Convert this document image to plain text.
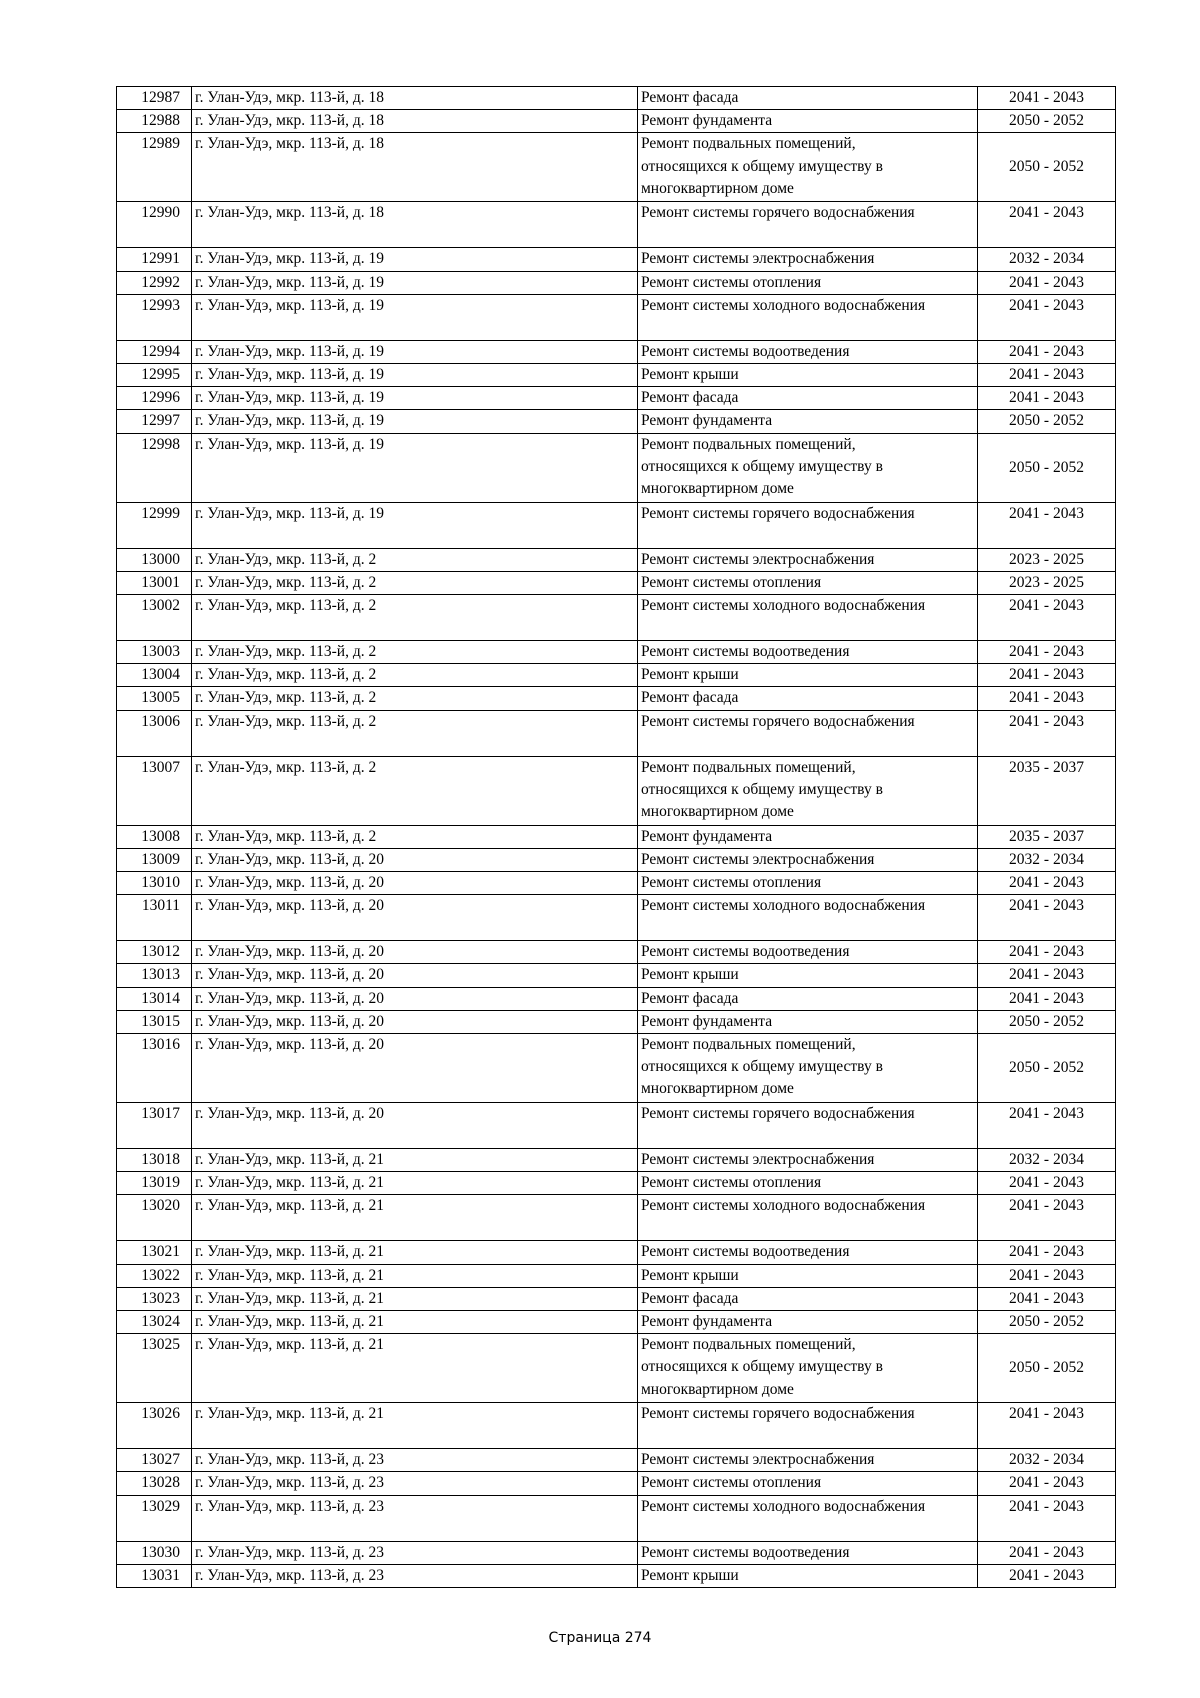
12987	г. Улан-Удэ, мкр. 113-й, д. 18	Ремонт фасада	2041 - 2043
12988	г. Улан-Удэ, мкр. 113-й, д. 18	Ремонт фундамента	2050 - 2052
12989	г. Улан-Удэ, мкр. 113-й, д. 18	Ремонт подвальных помещений,
относящихся к общему имуществу в
многоквартирном доме	2050 - 2052
12990	г. Улан-Удэ, мкр. 113-й, д. 18	Ремонт системы горячего водоснабжения	2041 - 2043
12991	г. Улан-Удэ, мкр. 113-й, д. 19	Ремонт системы электроснабжения	2032 - 2034
12992	г. Улан-Удэ, мкр. 113-й, д. 19	Ремонт системы отопления	2041 - 2043
12993	г. Улан-Удэ, мкр. 113-й, д. 19	Ремонт системы холодного водоснабжения	2041 - 2043
12994	г. Улан-Удэ, мкр. 113-й, д. 19	Ремонт системы водоотведения	2041 - 2043
12995	г. Улан-Удэ, мкр. 113-й, д. 19	Ремонт крыши	2041 - 2043
12996	г. Улан-Удэ, мкр. 113-й, д. 19	Ремонт фасада	2041 - 2043
12997	г. Улан-Удэ, мкр. 113-й, д. 19	Ремонт фундамента	2050 - 2052
12998	г. Улан-Удэ, мкр. 113-й, д. 19	Ремонт подвальных помещений,
относящихся к общему имуществу в
многоквартирном доме	2050 - 2052
12999	г. Улан-Удэ, мкр. 113-й, д. 19	Ремонт системы горячего водоснабжения	2041 - 2043
13000	г. Улан-Удэ, мкр. 113-й, д. 2	Ремонт системы электроснабжения	2023 - 2025
13001	г. Улан-Удэ, мкр. 113-й, д. 2	Ремонт системы отопления	2023 - 2025
13002	г. Улан-Удэ, мкр. 113-й, д. 2	Ремонт системы холодного водоснабжения	2041 - 2043
13003	г. Улан-Удэ, мкр. 113-й, д. 2	Ремонт системы водоотведения	2041 - 2043
13004	г. Улан-Удэ, мкр. 113-й, д. 2	Ремонт крыши	2041 - 2043
13005	г. Улан-Удэ, мкр. 113-й, д. 2	Ремонт фасада	2041 - 2043
13006	г. Улан-Удэ, мкр. 113-й, д. 2	Ремонт системы горячего водоснабжения	2041 - 2043
13007	г. Улан-Удэ, мкр. 113-й, д. 2	Ремонт подвальных помещений,
относящихся к общему имуществу в
многоквартирном доме	2035 - 2037
13008	г. Улан-Удэ, мкр. 113-й, д. 2	Ремонт фундамента	2035 - 2037
13009	г. Улан-Удэ, мкр. 113-й, д. 20	Ремонт системы электроснабжения	2032 - 2034
13010	г. Улан-Удэ, мкр. 113-й, д. 20	Ремонт системы отопления	2041 - 2043
13011	г. Улан-Удэ, мкр. 113-й, д. 20	Ремонт системы холодного водоснабжения	2041 - 2043
13012	г. Улан-Удэ, мкр. 113-й, д. 20	Ремонт системы водоотведения	2041 - 2043
13013	г. Улан-Удэ, мкр. 113-й, д. 20	Ремонт крыши	2041 - 2043
13014	г. Улан-Удэ, мкр. 113-й, д. 20	Ремонт фасада	2041 - 2043
13015	г. Улан-Удэ, мкр. 113-й, д. 20	Ремонт фундамента	2050 - 2052
13016	г. Улан-Удэ, мкр. 113-й, д. 20	Ремонт подвальных помещений,
относящихся к общему имуществу в
многоквартирном доме	2050 - 2052
13017	г. Улан-Удэ, мкр. 113-й, д. 20	Ремонт системы горячего водоснабжения	2041 - 2043
13018	г. Улан-Удэ, мкр. 113-й, д. 21	Ремонт системы электроснабжения	2032 - 2034
13019	г. Улан-Удэ, мкр. 113-й, д. 21	Ремонт системы отопления	2041 - 2043
13020	г. Улан-Удэ, мкр. 113-й, д. 21	Ремонт системы холодного водоснабжения	2041 - 2043
13021	г. Улан-Удэ, мкр. 113-й, д. 21	Ремонт системы водоотведения	2041 - 2043
13022	г. Улан-Удэ, мкр. 113-й, д. 21	Ремонт крыши	2041 - 2043
13023	г. Улан-Удэ, мкр. 113-й, д. 21	Ремонт фасада	2041 - 2043
13024	г. Улан-Удэ, мкр. 113-й, д. 21	Ремонт фундамента	2050 - 2052
13025	г. Улан-Удэ, мкр. 113-й, д. 21	Ремонт подвальных помещений,
относящихся к общему имуществу в
многоквартирном доме	2050 - 2052
13026	г. Улан-Удэ, мкр. 113-й, д. 21	Ремонт системы горячего водоснабжения	2041 - 2043
13027	г. Улан-Удэ, мкр. 113-й, д. 23	Ремонт системы электроснабжения	2032 - 2034
13028	г. Улан-Удэ, мкр. 113-й, д. 23	Ремонт системы отопления	2041 - 2043
13029	г. Улан-Удэ, мкр. 113-й, д. 23	Ремонт системы холодного водоснабжения	2041 - 2043
13030	г. Улан-Удэ, мкр. 113-й, д. 23	Ремонт системы водоотведения	2041 - 2043
13031	г. Улан-Удэ, мкр. 113-й, д. 23	Ремонт крыши	2041 - 2043
Страница 274
